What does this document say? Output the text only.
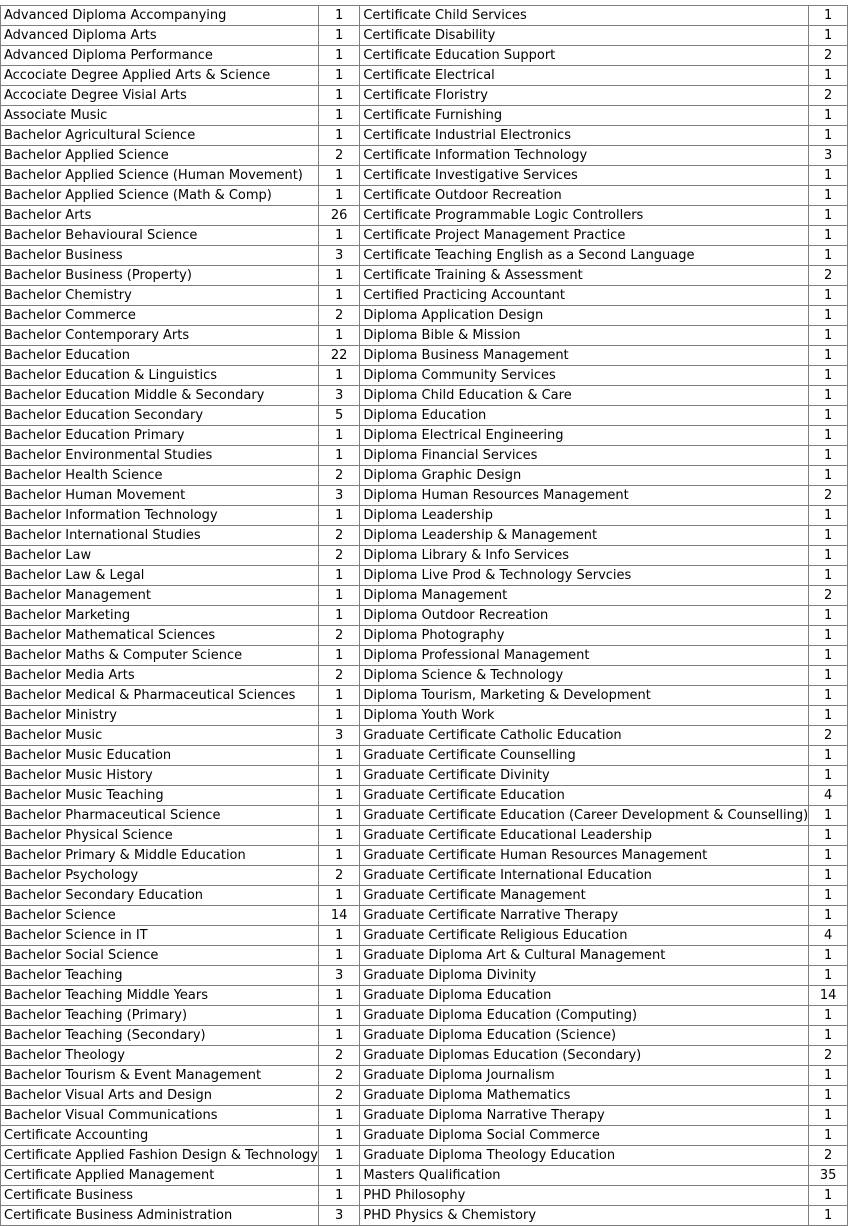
Advanced Diploma Accompanying	1	Certificate Child Services	1
Advanced Diploma Arts	1	Certificate Disability	1
Advanced Diploma Performance	1	Certificate Education Support	2
Accociate Degree Applied Arts & Science	1	Certificate Electrical	1
Accociate Degree Visial Arts	1	Certificate Floristry	2
Associate Music	1	Certificate Furnishing	1
Bachelor Agricultural Science	1	Certificate Industrial Electronics	1
Bachelor Applied Science	2	Certificate Information Technology	3
Bachelor Applied Science (Human Movement)	1	Certificate Investigative Services	1
Bachelor Applied Science (Math & Comp)	1	Certificate Outdoor Recreation	1
Bachelor Arts	26	Certificate Programmable Logic Controllers	1
Bachelor Behavioural Science	1	Certificate Project Management Practice	1
Bachelor Business	3	Certificate Teaching English as a Second Language	1
Bachelor Business (Property)	1	Certificate Training & Assessment	2
Bachelor Chemistry	1	Certified Practicing Accountant	1
Bachelor Commerce	2	Diploma Application Design	1
Bachelor Contemporary Arts	1	Diploma Bible & Mission	1
Bachelor Education	22	Diploma Business Management	1
Bachelor Education & Linguistics	1	Diploma Community Services	1
Bachelor Education Middle & Secondary	3	Diploma Child Education & Care	1
Bachelor Education Secondary	5	Diploma Education	1
Bachelor Education Primary	1	Diploma Electrical Engineering	1
Bachelor Environmental Studies	1	Diploma Financial Services	1
Bachelor Health Science	2	Diploma Graphic Design	1
Bachelor Human Movement	3	Diploma Human Resources Management	2
Bachelor Information Technology	1	Diploma Leadership	1
Bachelor International Studies	2	Diploma Leadership & Management	1
Bachelor Law	2	Diploma Library & Info Services	1
Bachelor Law & Legal	1	Diploma Live Prod & Technology Servcies	1
Bachelor Management	1	Diploma Management	2
Bachelor Marketing	1	Diploma Outdoor Recreation	1
Bachelor Mathematical Sciences	2	Diploma Photography	1
Bachelor Maths & Computer Science	1	Diploma Professional Management	1
Bachelor Media Arts	2	Diploma Science & Technology	1
Bachelor Medical & Pharmaceutical Sciences	1	Diploma Tourism, Marketing & Development	1
Bachelor Ministry	1	Diploma Youth Work	1
Bachelor Music	3	Graduate Certificate Catholic Education	2
Bachelor Music Education	1	Graduate Certificate Counselling	1
Bachelor Music History	1	Graduate Certificate Divinity	1
Bachelor Music Teaching	1	Graduate Certificate Education	4
Bachelor Pharmaceutical Science	1	Graduate Certificate Education (Career Development & Counselling)	1
Bachelor Physical Science	1	Graduate Certificate Educational Leadership	1
Bachelor Primary & Middle Education	1	Graduate Certificate Human Resources Management	1
Bachelor Psychology	2	Graduate Certificate International Education	1
Bachelor Secondary Education	1	Graduate Certificate Management	1
Bachelor Science	14	Graduate Certificate Narrative Therapy	1
Bachelor Science in IT	1	Graduate Certificate Religious Education	4
Bachelor Social Science	1	Graduate Diploma Art & Cultural Management	1
Bachelor Teaching	3	Graduate Diploma Divinity	1
Bachelor Teaching Middle Years	1	Graduate Diploma Education	14
Bachelor Teaching (Primary)	1	Graduate Diploma Education (Computing)	1
Bachelor Teaching (Secondary)	1	Graduate Diploma Education (Science)	1
Bachelor Theology	2	Graduate Diplomas Education (Secondary)	2
Bachelor Tourism & Event Management	2	Graduate Diploma Journalism	1
Bachelor Visual Arts and Design	2	Graduate Diploma Mathematics	1
Bachelor Visual Communications	1	Graduate Diploma Narrative Therapy	1
Certificate Accounting	1	Graduate Diploma Social Commerce	1
Certificate Applied Fashion Design & Technology	1	Graduate Diploma Theology Education	2
Certificate Applied Management	1	Masters Qualification	35
Certificate Business	1	PHD Philosophy	1
Certificate Business Administration	3	PHD Physics & Chemistory	1
